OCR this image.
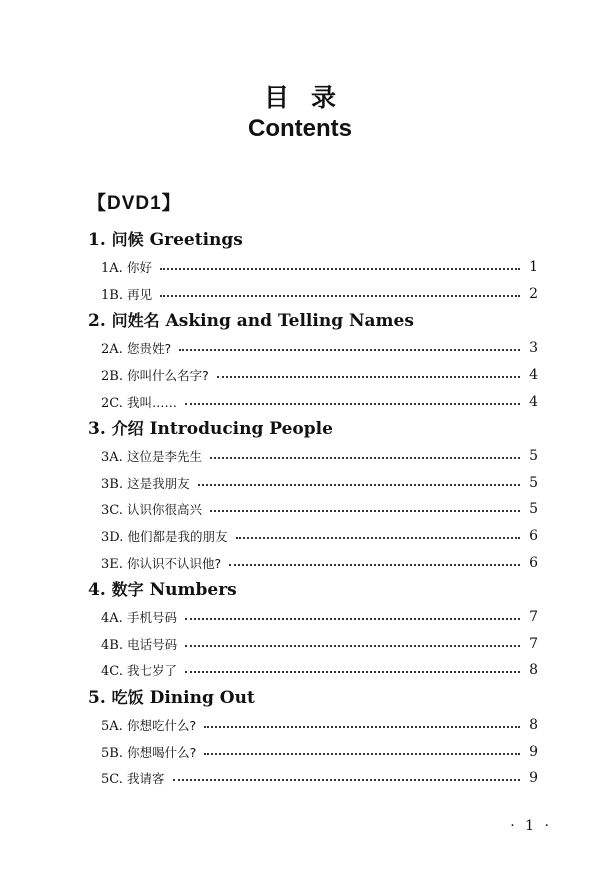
目录
Contents
【DVD1】
1. 问候 Greetings
1A. 你好	1
1B. 再见	2
2. 问姓名 Asking and Telling Names
2A. 您贵姓?	3
2B. 你叫什么名字?	4
2C. 我叫……	4
3. 介绍 Introducing People
3A. 这位是李先生	5
3B. 这是我朋友	5
3C. 认识你很高兴	5
3D. 他们都是我的朋友	6
3E. 你认识不认识他?	6
4. 数字 Numbers
4A. 手机号码	7
4B. 电话号码	7
4C. 我七岁了	8
5. 吃饭 Dining Out
5A. 你想吃什么?	8
5B. 你想喝什么?	9
5C. 我请客	9
· 1 ·
